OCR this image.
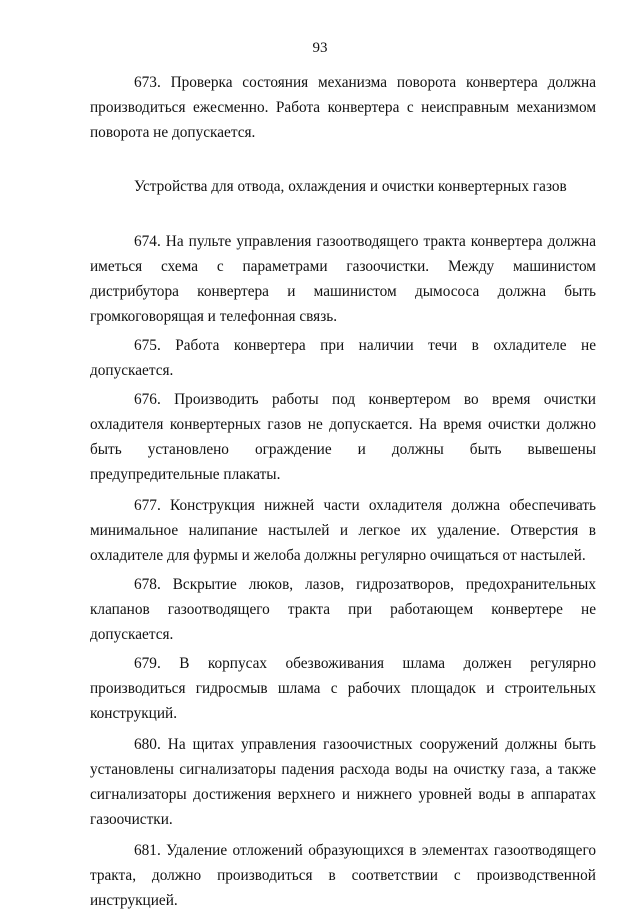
93

673. Проверка состояния механизма поворота конвертера должна производиться ежесменно. Работа конвертера с неисправным механизмом поворота не допускается.

Устройства для отвода, охлаждения и очистки конвертерных газов

674. На пульте управления газоотводящего тракта конвертера должна иметься схема с параметрами газоочистки. Между машинистом дистрибутора конвертера и машинистом дымососа должна быть громкоговорящая и телефонная связь.

675. Работа конвертера при наличии течи в охладителе не допускается.

676. Производить работы под конвертером во время очистки охладителя конвертерных газов не допускается. На время очистки должно быть установлено ограждение и должны быть вывешены предупредительные плакаты.

677. Конструкция нижней части охладителя должна обеспечивать минимальное налипание настылей и легкое их удаление. Отверстия в охладителе для фурмы и желоба должны регулярно очищаться от настылей.

678. Вскрытие люков, лазов, гидрозатворов, предохранительных клапанов газоотводящего тракта при работающем конвертере не допускается.

679. В корпусах обезвоживания шлама должен регулярно производиться гидросмыв шлама с рабочих площадок и строительных конструкций.

680. На щитах управления газоочистных сооружений должны быть установлены сигнализаторы падения расхода воды на очистку газа, а также сигнализаторы достижения верхнего и нижнего уровней воды в аппаратах газоочистки.

681. Удаление отложений образующихся в элементах газоотводящего тракта, должно производиться в соответствии с производственной инструкцией.
